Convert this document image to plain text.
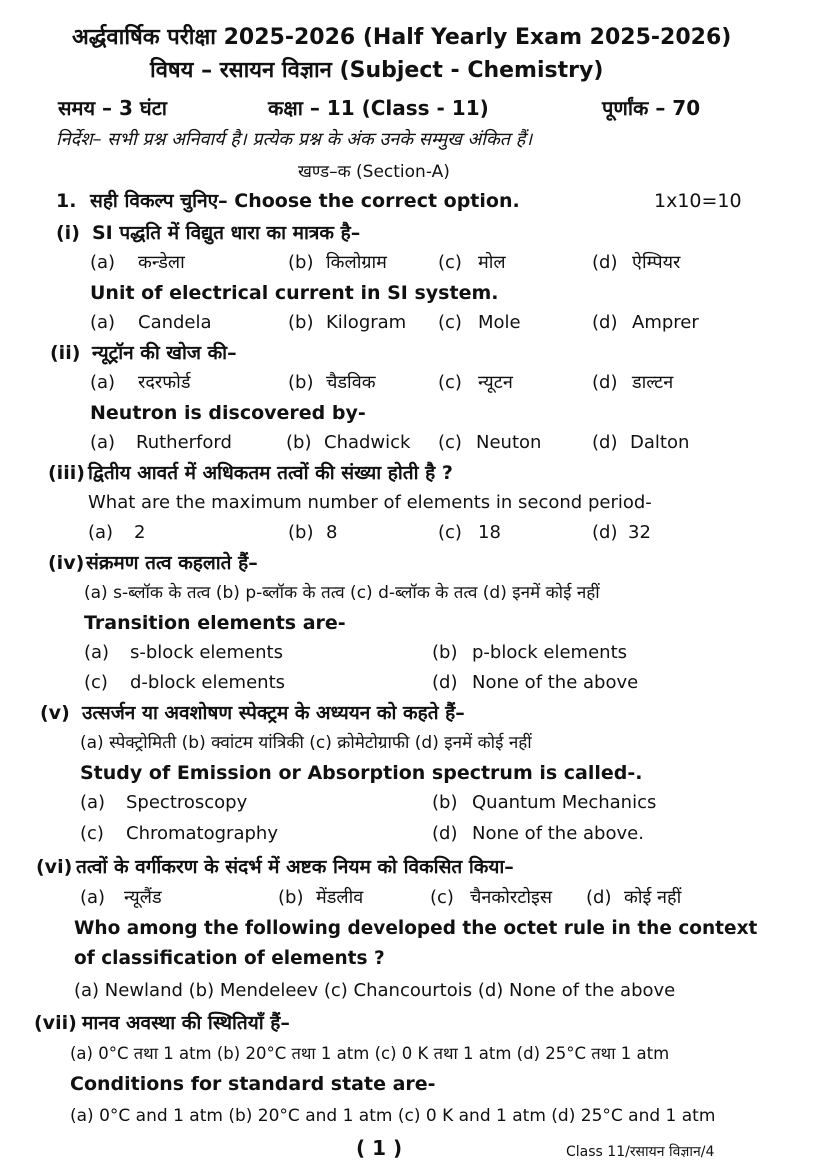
अर्द्धवार्षिक परीक्षा 2025-2026 (Half Yearly Exam 2025-2026)
विषय – रसायन विज्ञान (Subject - Chemistry)
समय – 3 घंटा	कक्षा – 11 (Class - 11)	पूर्णांक – 70
निर्देश– सभी प्रश्न अनिवार्य है। प्रत्येक प्रश्न के अंक उनके सम्मुख अंकित हैं।
खण्ड–क (Section-A)
1. सही विकल्प चुनिए– Choose the correct option.	1x10=10
(i) SI पद्धति में विद्युत धारा का मात्रक है–
(a) कन्डेला	(b) किलोग्राम	(c) मोल	(d) ऐम्पियर
Unit of electrical current in SI system.
(a) Candela	(b) Kilogram (c) Mole	(d) Amprer
(ii) न्यूट्रॉन की खोज की–
(a) रदरफोर्ड	(b) चैडविक	(c) न्यूटन	(d) डाल्टन
Neutron is discovered by-
(a) Rutherford	(b) Chadwick (c) Neuton	(d) Dalton
(iii) द्वितीय आवर्त में अधिकतम तत्वों की संख्या होती है ?
What are the maximum number of elements in second period-
(a) 2	(b) 8	(c) 18	(d) 32
(iv) संक्रमण तत्व कहलाते हैं–
(a) s-ब्लॉक के तत्व (b) p-ब्लॉक के तत्व (c) d-ब्लॉक के तत्व (d) इनमें कोई नहीं
Transition elements are-
(a) s-block elements	(b) p-block elements
(c) d-block elements	(d) None of the above
(v) उत्सर्जन या अवशोषण स्पेक्ट्रम के अध्ययन को कहते हैं–
(a) स्पेक्ट्रोमिती (b) क्वांटम यांत्रिकी (c) क्रोमेटोग्राफी (d) इनमें कोई नहीं
Study of Emission or Absorption spectrum is called-.
(a) Spectroscopy	(b) Quantum Mechanics
(c) Chromatography	(d) None of the above.
(vi) तत्वों के वर्गीकरण के संदर्भ में अष्टक नियम को विकसित किया–
(a) न्यूलैंड	(b) मेंडलीव	(c) चैनकोरटोइस (d) कोई नहीं
Who among the following developed the octet rule in the context
of classification of elements ?
(a) Newland (b) Mendeleev (c) Chancourtois (d) None of the above
(vii) मानव अवस्था की स्थितियाँ हैं–
(a) 0°C तथा 1 atm (b) 20°C तथा 1 atm (c) 0 K तथा 1 atm (d) 25°C तथा 1 atm
Conditions for standard state are-
(a) 0°C and 1 atm (b) 20°C and 1 atm (c) 0 K and 1 atm (d) 25°C and 1 atm
( 1 )	Class 11/रसायन विज्ञान/4
